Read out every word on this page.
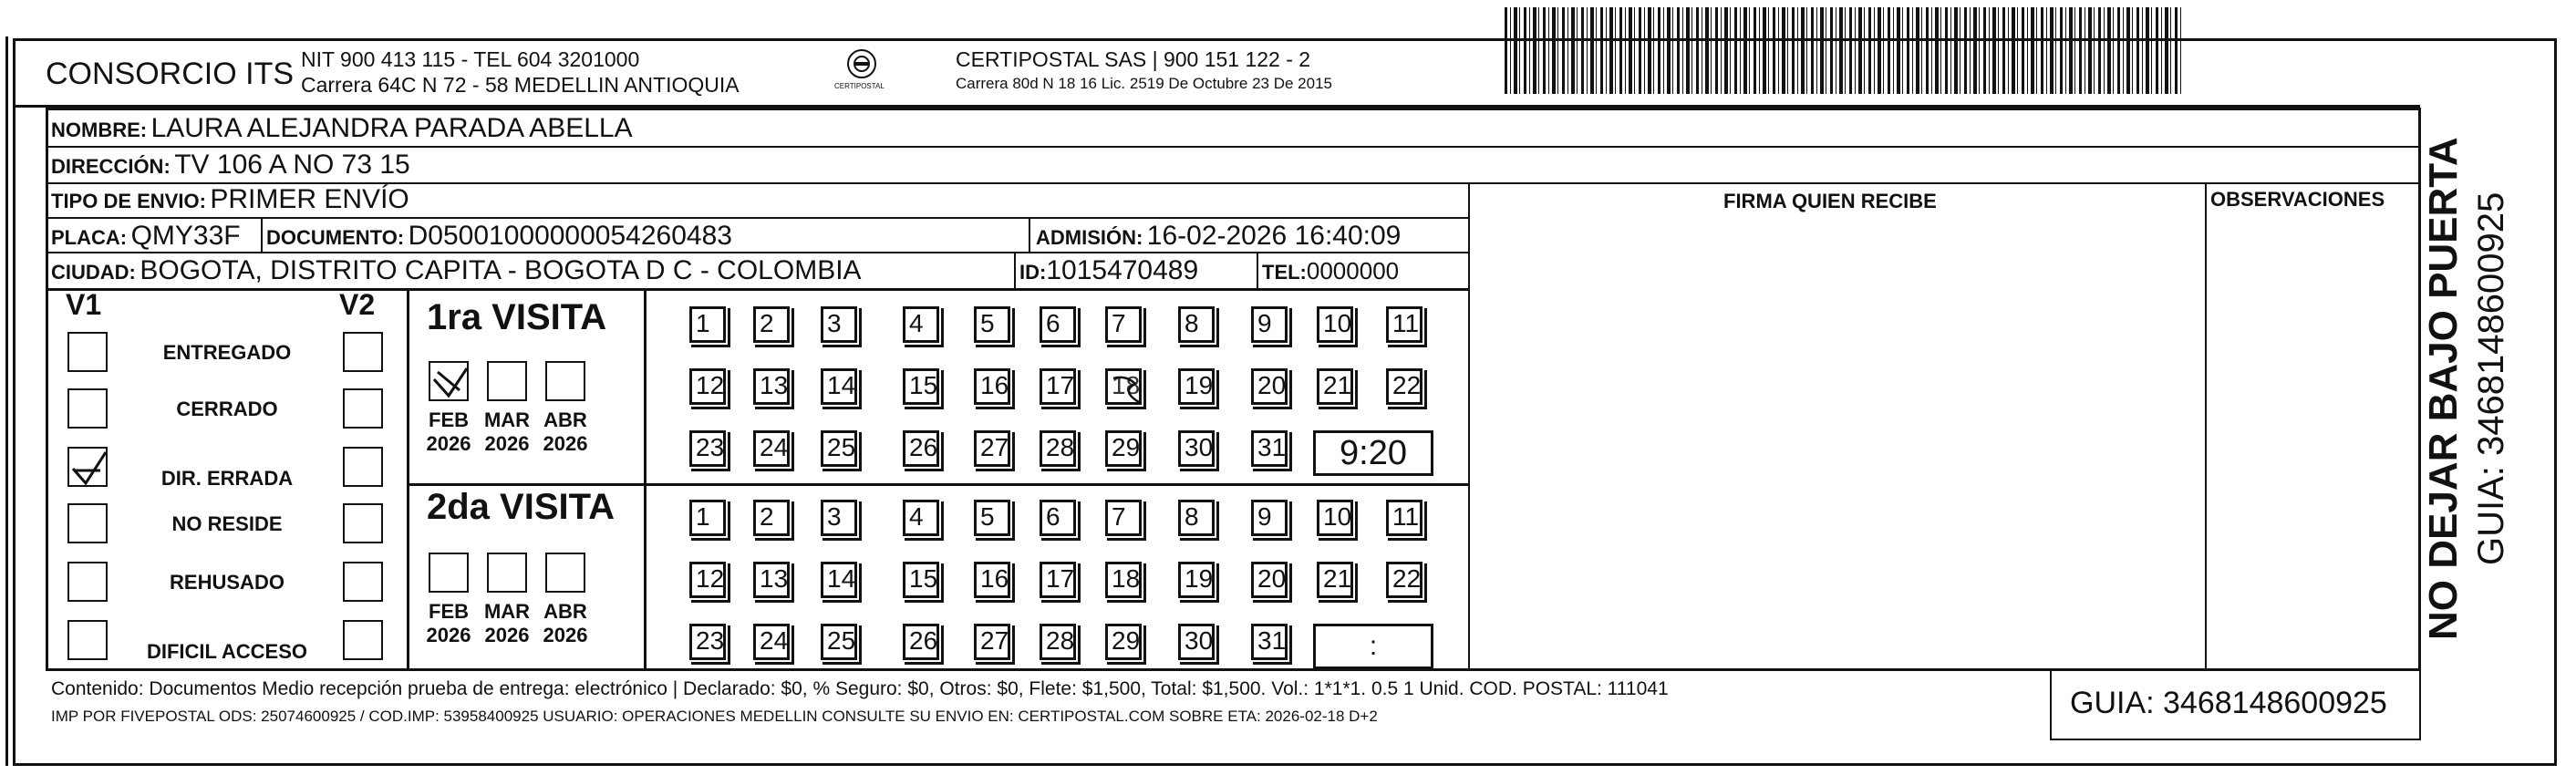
CONSORCIO ITS NIT 900 413 115 - TEL 604 3201000
Carrera 64C N 72 - 58 MEDELLIN ANTIOQUIA	CERTIPOSTAL
CERTIPOSTAL SAS | 900 151 122 - 2
Carrera 80d N 18 16 Lic. 2519 De Octubre 23 De 2015
NOMBRE: LAURA ALEJANDRA PARADA ABELLA
DIRECCIÓN: TV 106 A NO 73 15
TIPO DE ENVIO: PRIMER ENVÍO	FIRMA QUIEN RECIBE	OBSERVACIONES
PLACA: QMY33F DOCUMENTO: D05001000000054260483	ADMISIÓN: 16-02-2026 16:40:09
CIUDAD: BOGOTA, DISTRITO CAPITA - BOGOTA D C - COLOMBIA	ID:1015470489	TEL:0000000
V1	V2
ENTREGADO
CERRADO
DIR. ERRADA
NO RESIDE
REHUSADO
DIFICIL ACCESO
1ra VISITA
2da VISITA
FEB
2026
MAR
2026
ABR
2026
FEB
2026
MAR
2026
ABR
2026
1 2 3	4 5 6 7 8 9 10 11
12 13 14 15 16 17 18 19 20 21 22
23 24 25 26 27 28 29 30 31 9:20
1 2 3	4 5 6 7 8 9 10 11
12 13 14 15 16 17 18 19 20 21 22
23 24 25 26 27 28 29 30 31	:
Contenido: Documentos Medio recepción prueba de entrega: electrónico | Declarado: $0, % Seguro: $0, Otros: $0, Flete: $1,500, Total: $1,500. Vol.: 1*1*1. 0.5 1 Unid. COD. POSTAL: 111041
IMP POR FIVEPOSTAL ODS: 25074600925 / COD.IMP: 53958400925 USUARIO: OPERACIONES MEDELLIN CONSULTE SU ENVIO EN: CERTIPOSTAL.COM SOBRE ETA: 2026-02-18 D+2	GUIA: 3468148600925
NO DEJAR BAJO PUERTA GUIA: 3468148600925
